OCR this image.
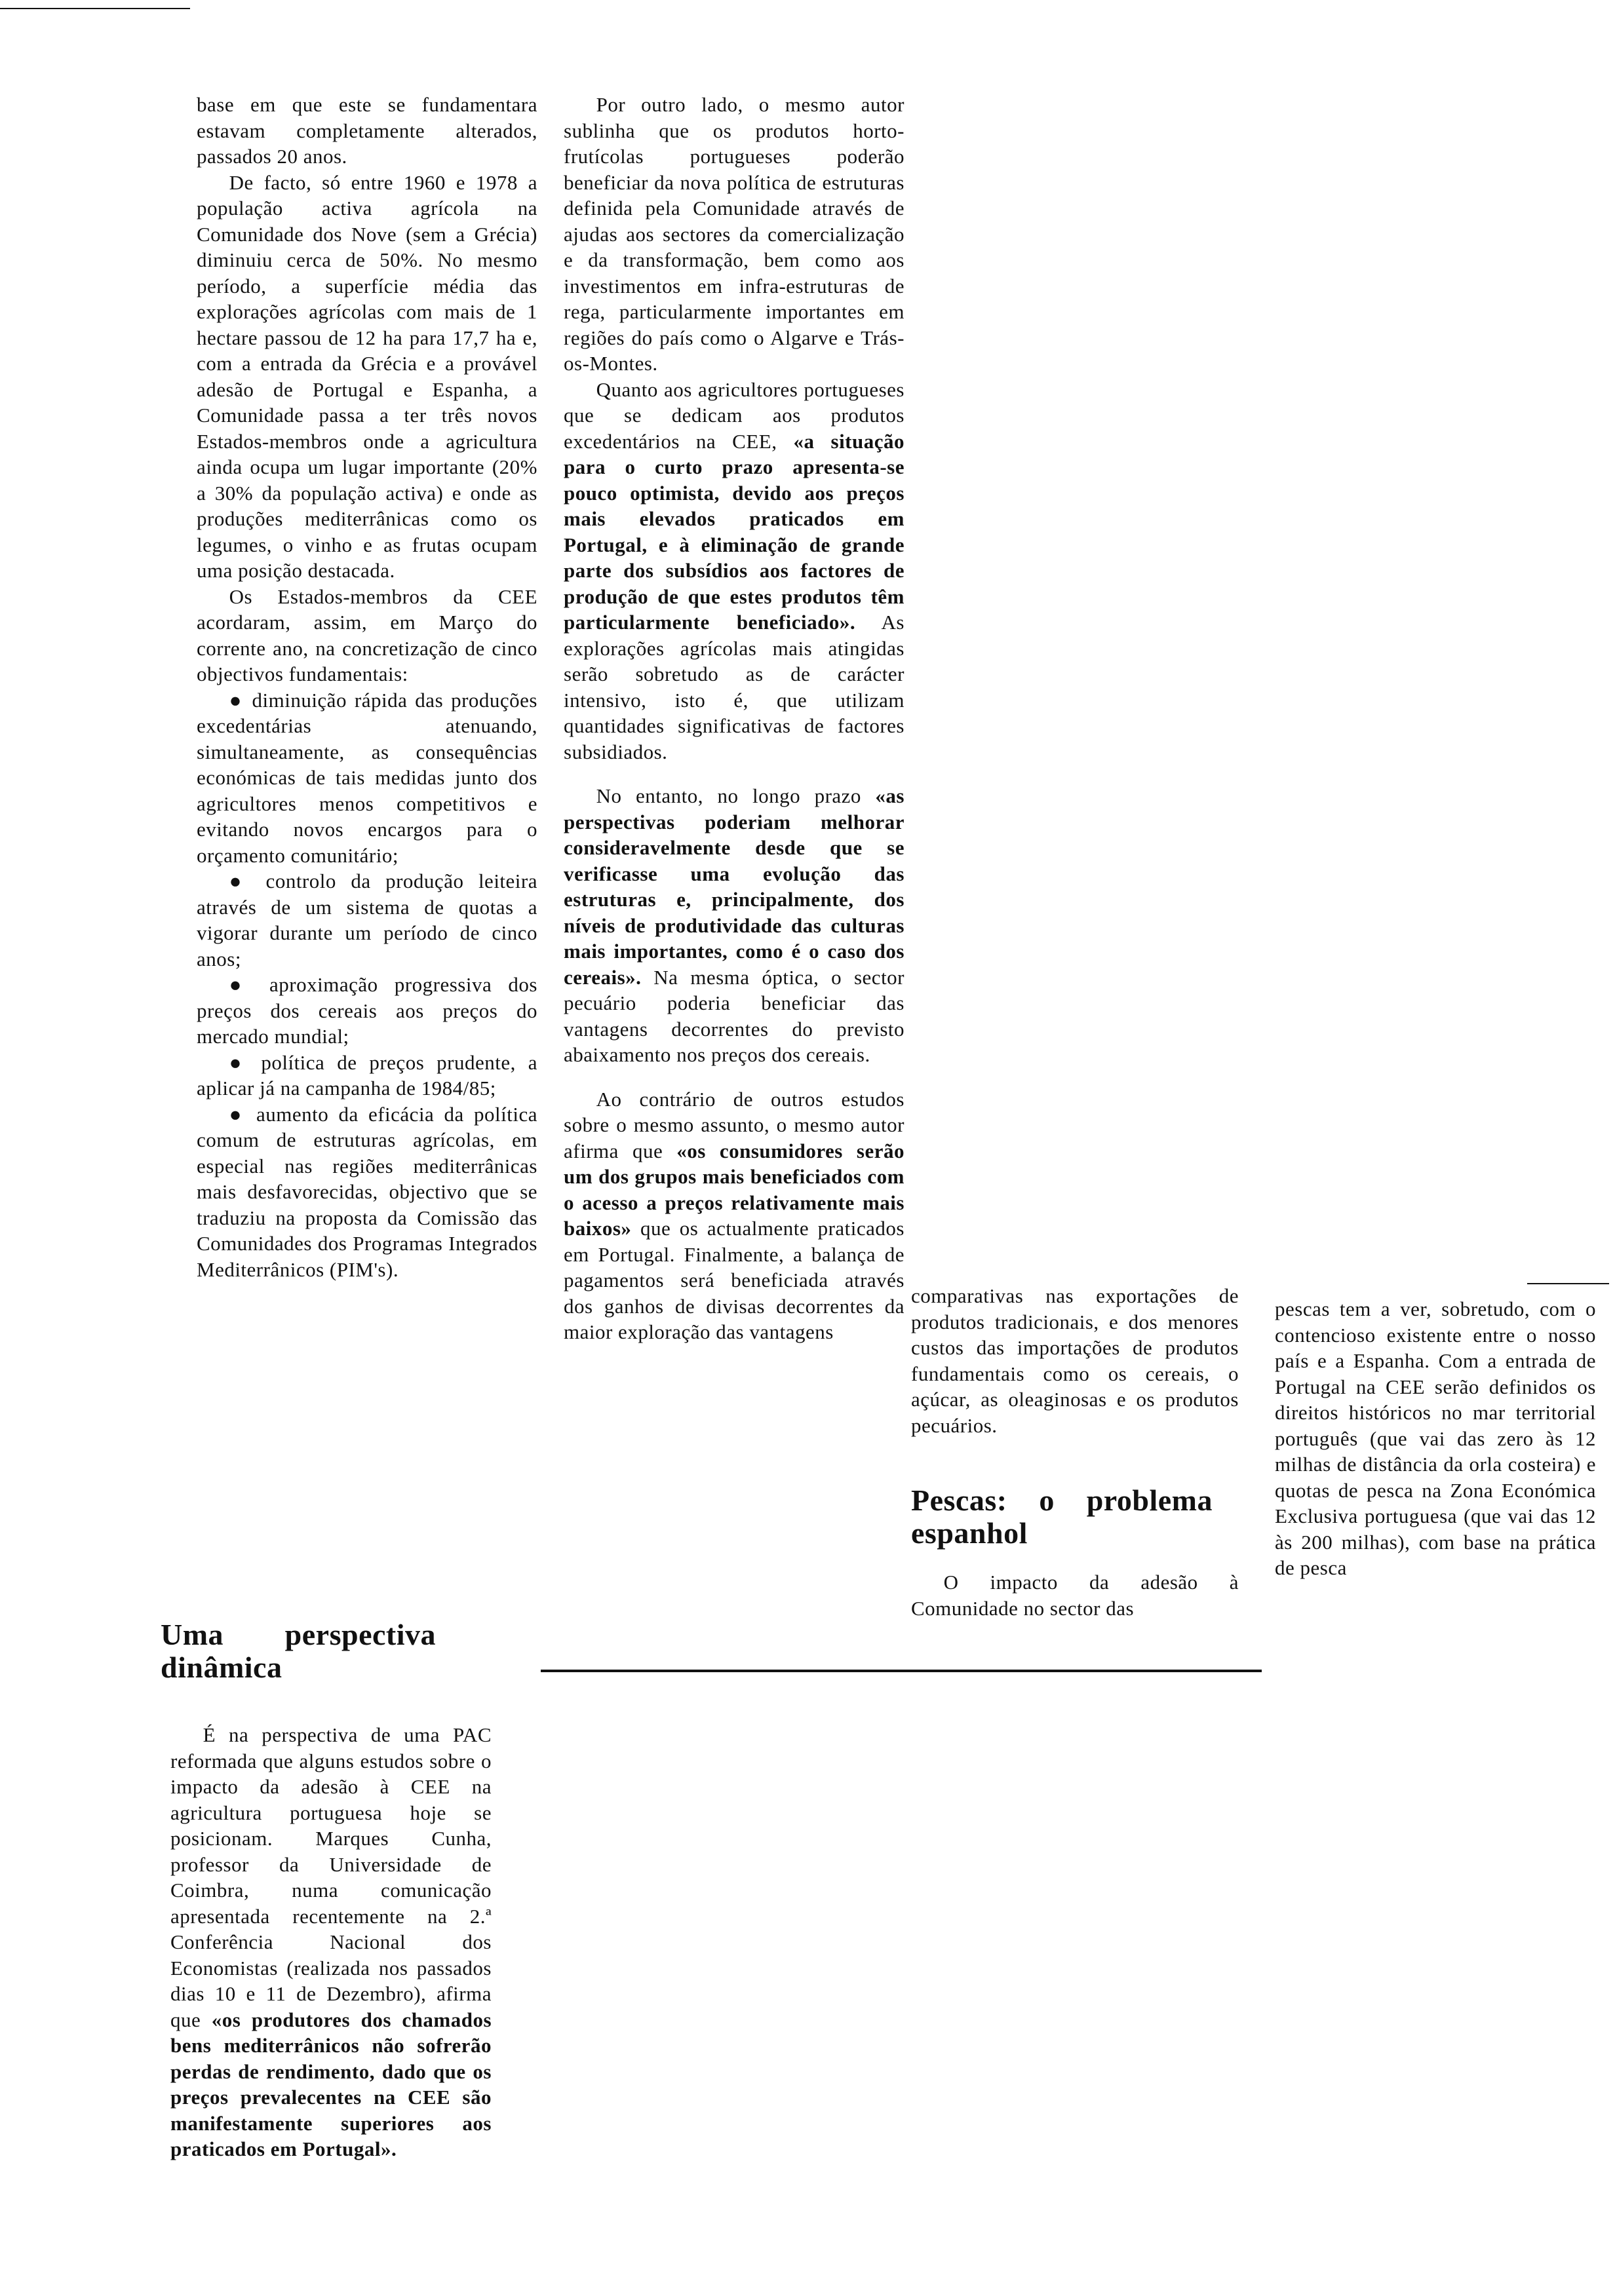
base em que este se fundamentara estavam completamente alterados, passados 20 anos.

De facto, só entre 1960 e 1978 a população activa agrícola na Comunidade dos Nove (sem a Grécia) diminuiu cerca de 50%. No mesmo período, a superfície média das explorações agrícolas com mais de 1 hectare passou de 12 ha para 17,7 ha e, com a entrada da Grécia e a provável adesão de Portugal e Espanha, a Comunidade passa a ter três novos Estados-membros onde a agricultura ainda ocupa um lugar importante (20% a 30% da população activa) e onde as produções mediterrânicas como os legumes, o vinho e as frutas ocupam uma posição destacada.

Os Estados-membros da CEE acordaram, assim, em Março do corrente ano, na concretização de cinco objectivos fundamentais:

● diminuição rápida das produções excedentárias atenuando, simultaneamente, as consequências económicas de tais medidas junto dos agricultores menos competitivos e evitando novos encargos para o orçamento comunitário;

● controlo da produção leiteira através de um sistema de quotas a vigorar durante um período de cinco anos;

● aproximação progressiva dos preços dos cereais aos preços do mercado mundial;

● política de preços prudente, a aplicar já na campanha de 1984/85;

● aumento da eficácia da política comum de estruturas agrícolas, em especial nas regiões mediterrânicas mais desfavorecidas, objectivo que se traduziu na proposta da Comissão das Comunidades dos Programas Integrados Mediterrânicos (PIM's).

Uma perspectiva dinâmica

É na perspectiva de uma PAC reformada que alguns estudos sobre o impacto da adesão à CEE na agricultura portuguesa hoje se posicionam. Marques Cunha, professor da Universidade de Coimbra, numa comunicação apresentada recentemente na 2.ª Conferência Nacional dos Economistas (realizada nos passados dias 10 e 11 de Dezembro), afirma que «os produtores dos chamados bens mediterrânicos não sofrerão perdas de rendimento, dado que os preços prevalecentes na CEE são manifestamente superiores aos praticados em Portugal».

Por outro lado, o mesmo autor sublinha que os produtos horto-frutícolas portugueses poderão beneficiar da nova política de estruturas definida pela Comunidade através de ajudas aos sectores da comercialização e da transformação, bem como aos investimentos em infra-estruturas de rega, particularmente importantes em regiões do país como o Algarve e Trás-os-Montes.

Quanto aos agricultores portugueses que se dedicam aos produtos excedentários na CEE, «a situação para o curto prazo apresenta-se pouco optimista, devido aos preços mais elevados praticados em Portugal, e à eliminação de grande parte dos subsídios aos factores de produção de que estes produtos têm particularmente beneficiado». As explorações agrícolas mais atingidas serão sobretudo as de carácter intensivo, isto é, que utilizam quantidades significativas de factores subsidiados.

No entanto, no longo prazo «as perspectivas poderiam melhorar consideravelmente desde que se verificasse uma evolução das estruturas e, principalmente, dos níveis de produtividade das culturas mais importantes, como é o caso dos cereais». Na mesma óptica, o sector pecuário poderia beneficiar das vantagens decorrentes do previsto abaixamento nos preços dos cereais.

Ao contrário de outros estudos sobre o mesmo assunto, o mesmo autor afirma que «os consumidores serão um dos grupos mais beneficiados com o acesso a preços relativamente mais baixos» que os actualmente praticados em Portugal. Finalmente, a balança de pagamentos será beneficiada através dos ganhos de divisas decorrentes da maior exploração das vantagens

comparativas nas exportações de produtos tradicionais, e dos menores custos das importações de produtos fundamentais como os cereais, o açúcar, as oleaginosas e os produtos pecuários.

Pescas: o problema espanhol

O impacto da adesão à Comunidade no sector das

pescas tem a ver, sobretudo, com o contencioso existente entre o nosso país e a Espanha. Com a entrada de Portugal na CEE serão definidos os direitos históricos no mar territorial português (que vai das zero às 12 milhas de distância da orla costeira) e quotas de pesca na Zona Económica Exclusiva portuguesa (que vai das 12 às 200 milhas), com base na prática de pesca
